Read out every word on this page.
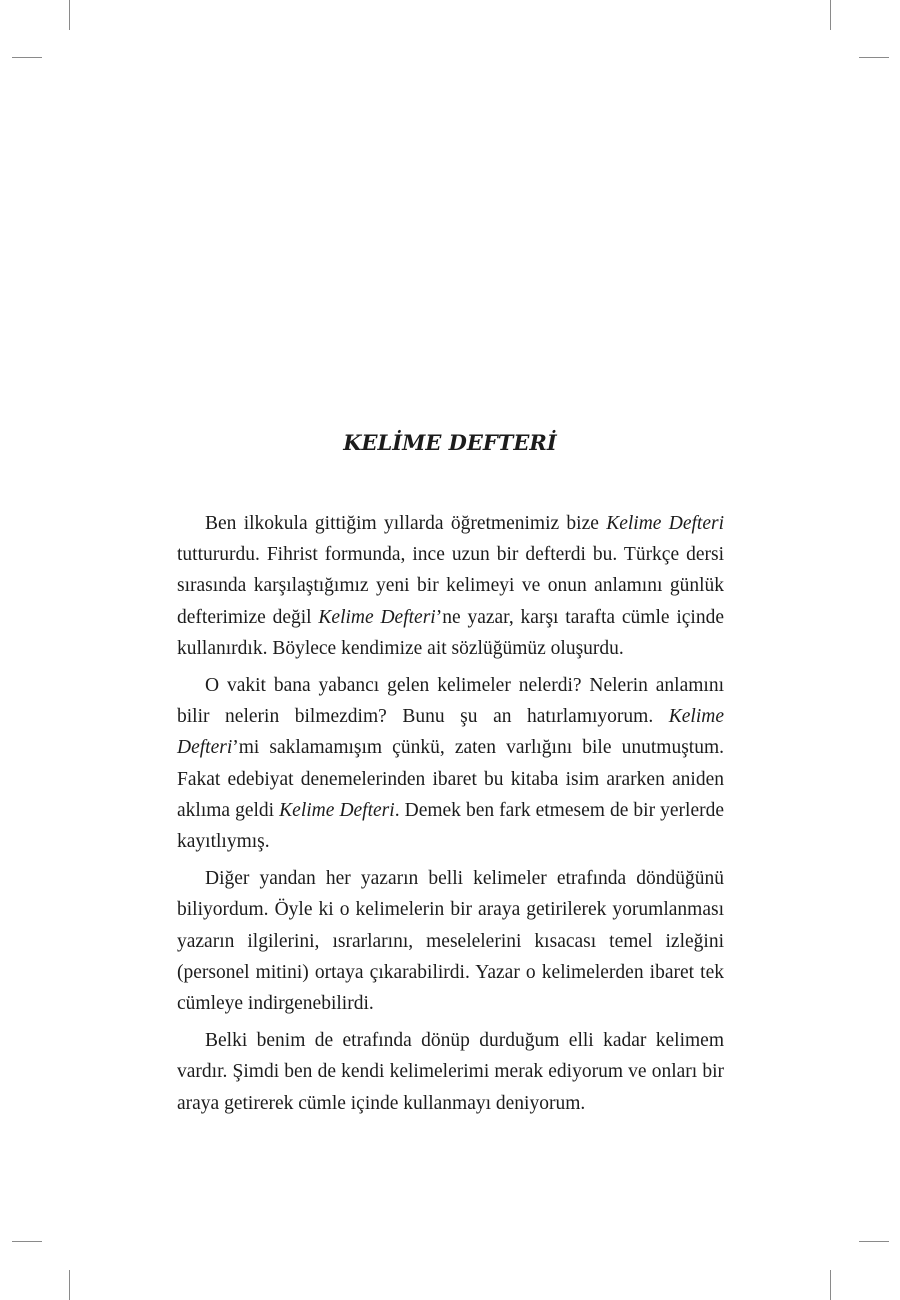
KELİME DEFTERİ

Ben ilkokula gittiğim yıllarda öğretmenimiz bize Kelime Defteri tuttururdu. Fihrist formunda, ince uzun bir defterdi bu. Türkçe dersi sırasında karşılaştığımız yeni bir kelimeyi ve onun anlamını günlük defterimize değil Kelime Defteri’ne yazar, karşı tarafta cümle içinde kullanırdık. Böylece kendimize ait sözlüğümüz oluşurdu.

O vakit bana yabancı gelen kelimeler nelerdi? Nelerin anlamını bilir nelerin bilmezdim? Bunu şu an hatırlamıyorum. Kelime Defteri’mi saklamamışım çünkü, zaten varlığını bile unutmuştum. Fakat edebiyat denemelerinden ibaret bu kitaba isim ararken aniden aklıma geldi Kelime Defteri. Demek ben fark etmesem de bir yerlerde kayıtlıymış.

Diğer yandan her yazarın belli kelimeler etrafında döndüğünü biliyordum. Öyle ki o kelimelerin bir araya getirilerek yorumlanması yazarın ilgilerini, ısrarlarını, meselelerini kısacası temel izleğini (personel mitini) ortaya çıkarabilirdi. Yazar o kelimelerden ibaret tek cümleye indirgenebilirdi.

Belki benim de etrafında dönüp durduğum elli kadar kelimem vardır. Şimdi ben de kendi kelimelerimi merak ediyorum ve onları bir araya getirerek cümle içinde kullanmayı deniyorum.
